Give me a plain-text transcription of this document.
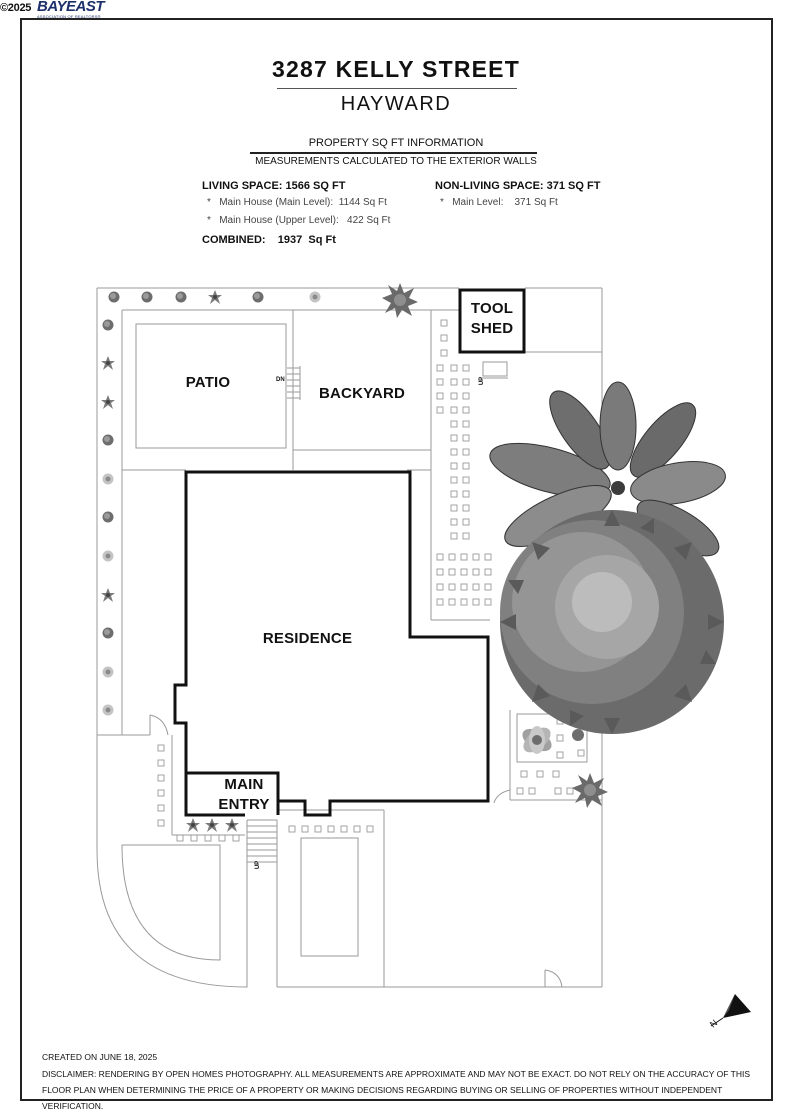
©2025 BAYEAST
ASSOCIATION OF REALTORS®
3287 KELLY STREET
HAYWARD
PROPERTY SQ FT INFORMATION
MEASUREMENTS CALCULATED TO THE EXTERIOR WALLS
LIVING SPACE: 1566 SQ FT
*   Main House (Main Level):  1144 Sq Ft
*   Main House (Upper Level):   422 Sq Ft
COMBINED:    1937  Sq Ft
NON-LIVING SPACE: 371 SQ FT
*   Main Level:    371 Sq Ft
N
PATIO
BACKYARD
RESIDENCE
TOOL
SHED
MAIN
ENTRY
DN	UP
UP
CREATED ON JUNE 18, 2025
DISCLAIMER: RENDERING BY OPEN HOMES PHOTOGRAPHY. ALL MEASUREMENTS ARE APPROXIMATE AND MAY NOT BE EXACT. DO NOT RELY ON THE ACCURACY OF THIS FLOOR PLAN WHEN DETERMINING THE PRICE OF A PROPERTY OR MAKING DECISIONS REGARDING BUYING OR SELLING OF PROPERTIES WITHOUT INDEPENDENT VERIFICATION.
